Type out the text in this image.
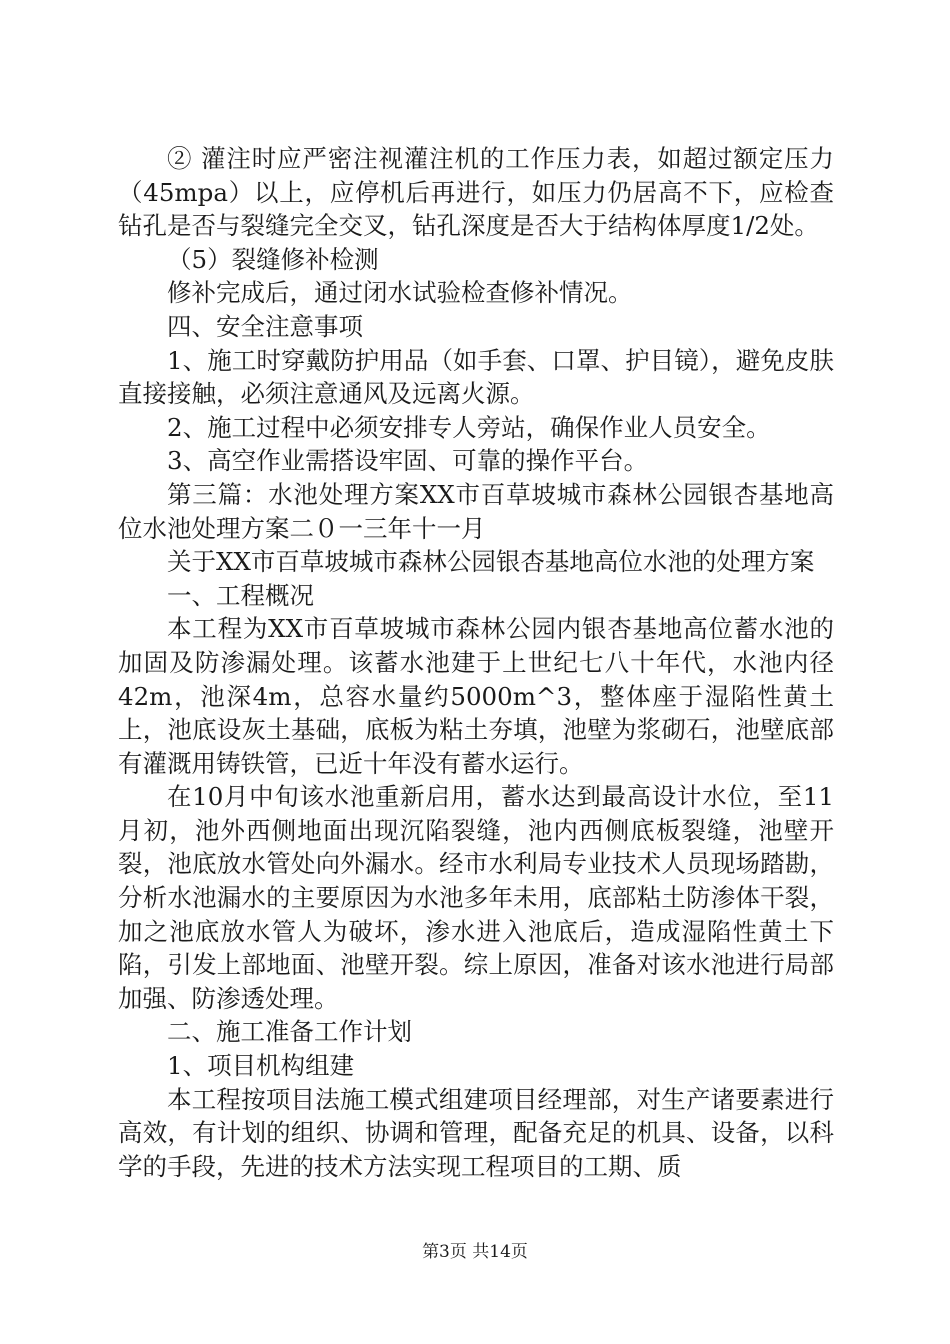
② 灌注时应严密注视灌注机的工作压力表，如超过额定压力（45mpa）以上，应停机后再进行，如压力仍居高不下，应检查钻孔是否与裂缝完全交叉，钻孔深度是否大于结构体厚度1/2处。

（5）裂缝修补检测

修补完成后，通过闭水试验检查修补情况。

四、安全注意事项

1、施工时穿戴防护用品（如手套、口罩、护目镜），避免皮肤直接接触，必须注意通风及远离火源。

2、施工过程中必须安排专人旁站，确保作业人员安全。

3、高空作业需搭设牢固、可靠的操作平台。

第三篇：水池处理方案XX市百草坡城市森林公园银杏基地高位水池处理方案二０一三年十一月

关于XX市百草坡城市森林公园银杏基地高位水池的处理方案

一、工程概况

本工程为XX市百草坡城市森林公园内银杏基地高位蓄水池的加固及防渗漏处理。该蓄水池建于上世纪七八十年代，水池内径42m，池深4m，总容水量约5000m^3，整体座于湿陷性黄土上，池底设灰土基础，底板为粘土夯填，池壁为浆砌石，池壁底部有灌溉用铸铁管，已近十年没有蓄水运行。

在10月中旬该水池重新启用，蓄水达到最高设计水位，至11月初，池外西侧地面出现沉陷裂缝，池内西侧底板裂缝，池壁开裂，池底放水管处向外漏水。经市水利局专业技术人员现场踏勘，分析水池漏水的主要原因为水池多年未用，底部粘土防渗体干裂，加之池底放水管人为破坏，渗水进入池底后，造成湿陷性黄土下陷，引发上部地面、池壁开裂。综上原因，准备对该水池进行局部加强、防渗透处理。

二、施工准备工作计划

1、项目机构组建

本工程按项目法施工模式组建项目经理部，对生产诸要素进行高效，有计划的组织、协调和管理，配备充足的机具、设备，以科学的手段，先进的技术方法实现工程项目的工期、质

第3页 共14页
